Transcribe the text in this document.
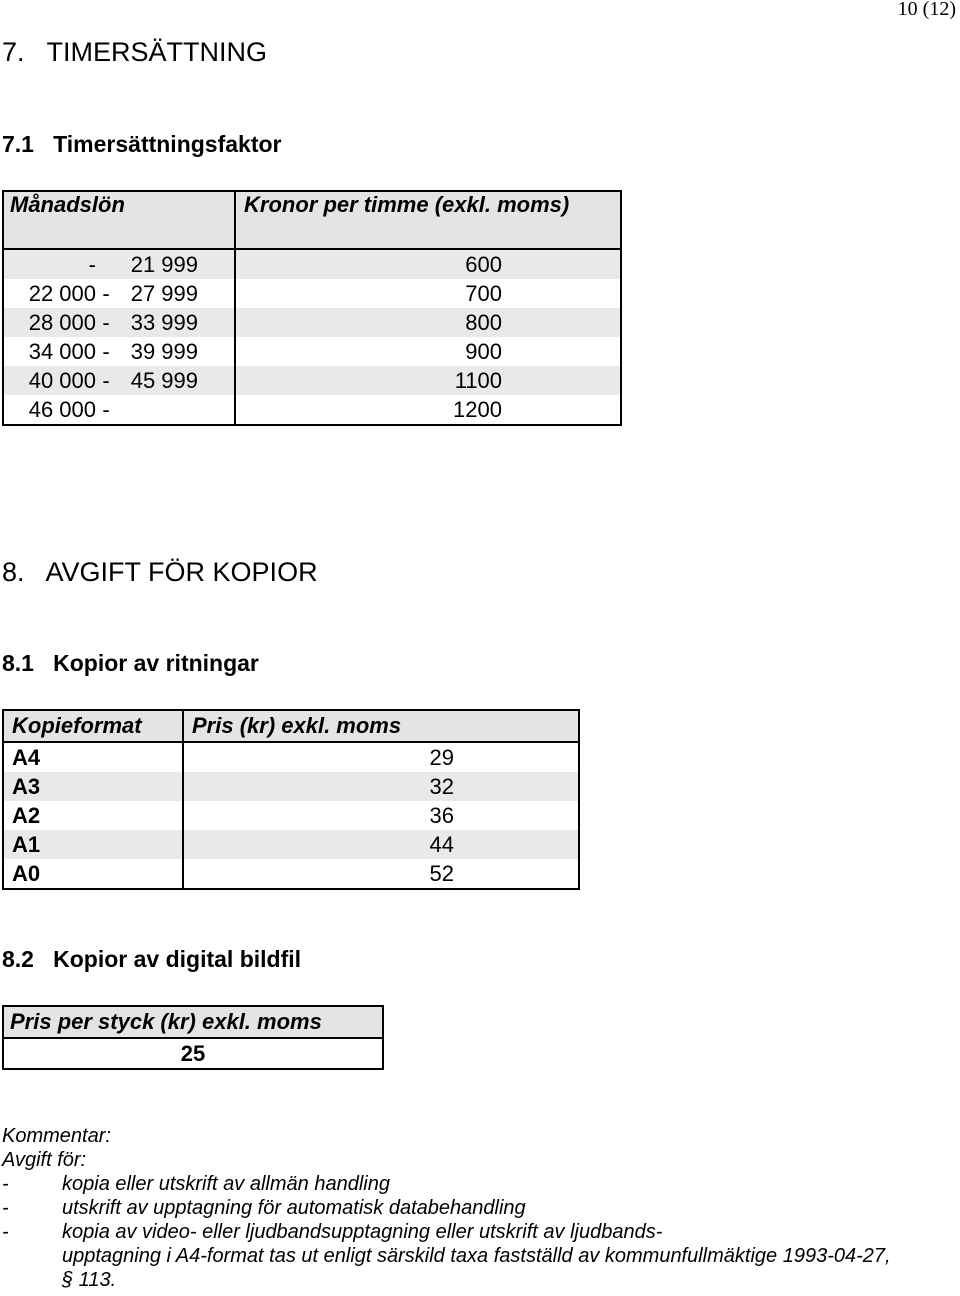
10 (12)
7.   TIMERSÄTTNING
7.1   Timersättningsfaktor
Månadslön	Kronor per timme (exkl. moms)
- 21 999	600
22 000 - 27 999	700
28 000 - 33 999	800
34 000 - 39 999	900
40 000 - 45 999	1100
46 000 -	1200
8.   AVGIFT FÖR KOPIOR
8.1   Kopior av ritningar
Kopieformat	Pris (kr) exkl. moms
A4	29
A3	32
A2	36
A1	44
A0	52
8.2   Kopior av digital bildfil
Pris per styck (kr) exkl. moms
25
Kommentar:
Avgift för:
-	kopia eller utskrift av allmän handling
-	utskrift av upptagning för automatisk databehandling
-	kopia av video- eller ljudbandsupptagning eller utskrift av ljudbands-
upptagning i A4-format tas ut enligt särskild taxa fastställd av kommunfullmäktige 1993-04-27,
§ 113.
